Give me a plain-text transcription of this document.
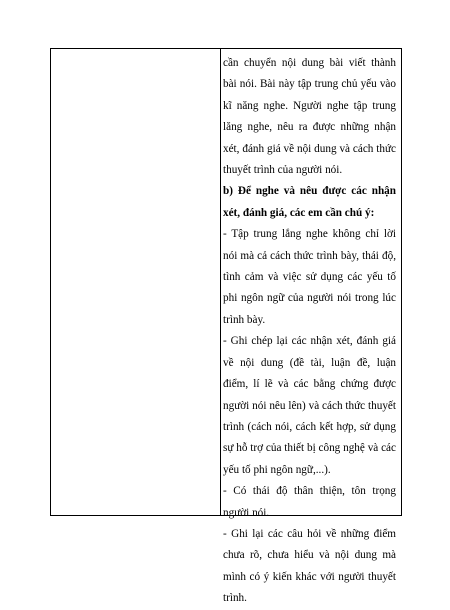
cần chuyển nội dung bài viết thành bài nói. Bài này tập trung chủ yếu vào kĩ năng nghe. Người nghe tập trung lăng nghe, nêu ra được những nhận xét, đánh giá về nội dung và cách thức thuyết trình của người nói.

b) Để nghe và nêu được các nhận xét, đánh giá, các em cần chú ý:

- Tập trung lắng nghe không chỉ lời nói mà cả cách thức trình bày, thái độ, tình cảm và việc sử dụng các yếu tố phi ngôn ngữ của người nói trong lúc trình bày.

- Ghi chép lại các nhận xét, đánh giá về nội dung (đề tài, luận đề, luận điểm, lí lẽ và các bằng chứng được người nói nêu lên) và cách thức thuyết trình (cách nói, cách kết hợp, sử dụng sự hỗ trợ của thiết bị công nghệ và các yếu tố phi ngôn ngữ,...).

- Có thái độ thân thiện, tôn trọng người nói.

- Ghi lại các câu hỏi về những điểm chưa rõ, chưa hiểu và nội dung mà mình có ý kiến khác với người thuyết trình.
